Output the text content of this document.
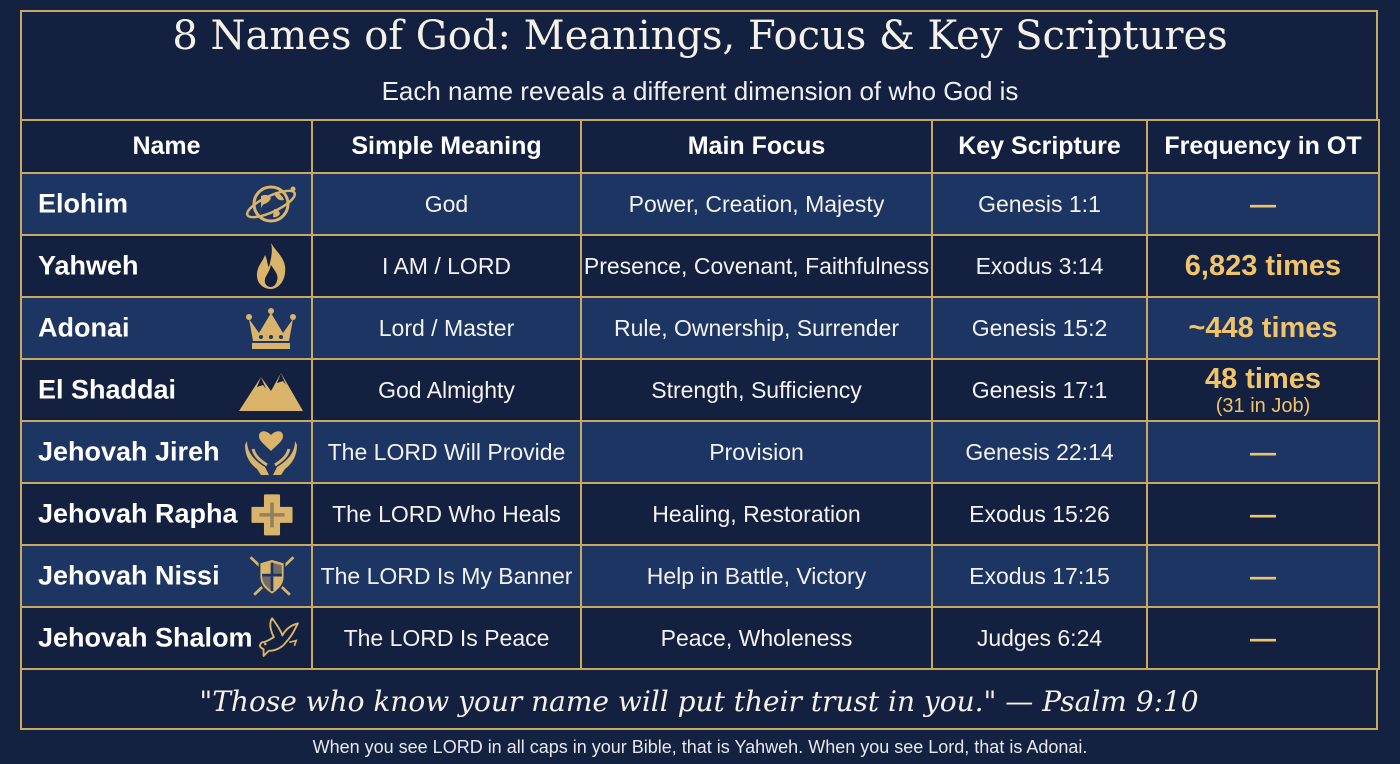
8 Names of God: Meanings, Focus & Key Scriptures
Each name reveals a different dimension of who God is
Name	Simple Meaning	Main Focus	Key Scripture	Frequency in OT

Elohim	God	Power, Creation, Majesty	Genesis 1:1	—

Yahweh	I AM / LORD	Presence, Covenant, Faithfulness	Exodus 3:14	6,823 times

Adonai	Lord / Master	Rule, Ownership, Surrender	Genesis 15:2	~448 times

El Shaddai	God Almighty	Strength, Sufficiency	Genesis 17:1	48 times
(31 in Job)

Jehovah Jireh	The LORD Will Provide	Provision	Genesis 22:14	—

Jehovah Rapha	The LORD Who Heals	Healing, Restoration	Exodus 15:26	—

Jehovah Nissi	The LORD Is My Banner	Help in Battle, Victory	Exodus 17:15	—

Jehovah Shalom	The LORD Is Peace	Peace, Wholeness	Judges 6:24	—
"Those who know your name will put their trust in you." — Psalm 9:10
When you see LORD in all caps in your Bible, that is Yahweh. When you see Lord, that is Adonai.
